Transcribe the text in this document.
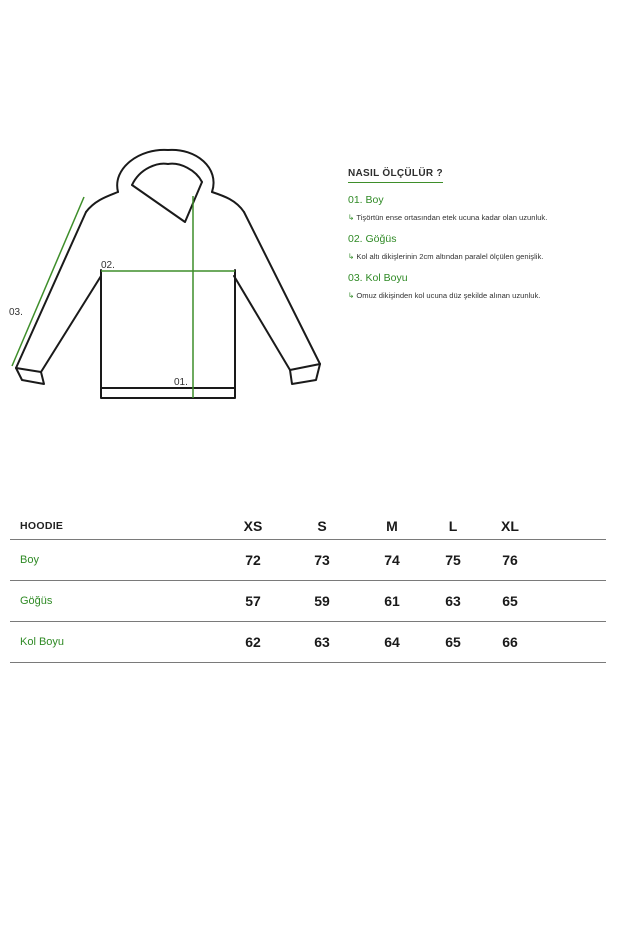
01.
02.
03.
NASIL ÖLÇÜLÜR ?
01. Boy
↳ Tişörtün ense ortasından etek ucuna kadar olan uzunluk.
02. Göğüs
↳ Kol altı dikişlerinin 2cm altından paralel ölçülen genişlik.
03. Kol Boyu
↳ Omuz dikişinden kol ucuna düz şekilde alınan uzunluk.
HOODIE	XS	S	M	L	XL
Boy	72	73	74	75	76
Göğüs	57	59	61	63	65
Kol Boyu	62	63	64	65	66
